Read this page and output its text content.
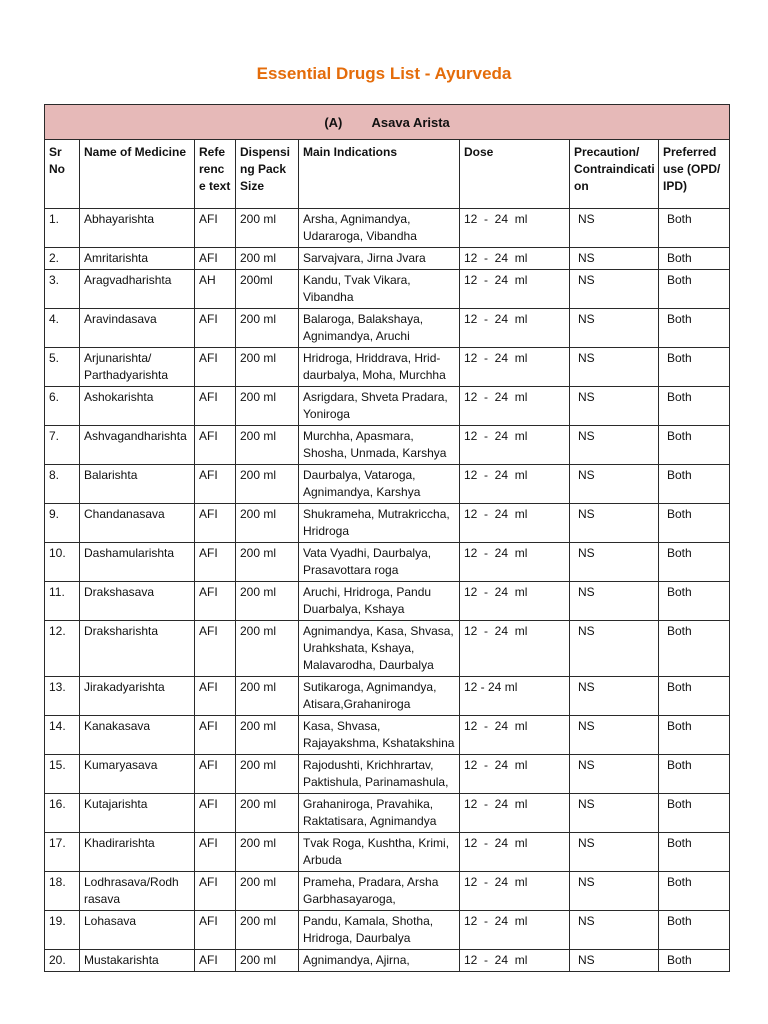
Essential Drugs List - Ayurveda
(A) Asava Arista							
Sr No	Name of Medicine	Refe renc e text	Dispensi ng Pack Size	Main Indications	Dose	Precaution/ Contraindicati on	Preferred use (OPD/ IPD)
1.	Abhayarishta	AFI	200 ml	Arsha, Agnimandya, Udararoga, Vibandha	12  -  24  ml	NS	Both
2.	Amritarishta	AFI	200 ml	Sarvajvara, Jirna Jvara	12  -  24  ml	NS	Both
3.	Aragvadharishta	AH	200ml	Kandu, Tvak Vikara, Vibandha	12  -  24  ml	NS	Both
4.	Aravindasava	AFI	200 ml	Balaroga, Balakshaya, Agnimandya, Aruchi	12  -  24  ml	NS	Both
5.	Arjunarishta/ Parthadyarishta	AFI	200 ml	Hridroga, Hriddrava, Hrid-daurbalya, Moha, Murchha	12  -  24  ml	NS	Both
6.	Ashokarishta	AFI	200 ml	Asrigdara, Shveta Pradara, Yoniroga	12  -  24  ml	NS	Both
7.	Ashvagandharishta	AFI	200 ml	Murchha, Apasmara, Shosha, Unmada, Karshya	12  -  24  ml	NS	Both
8.	Balarishta	AFI	200 ml	Daurbalya, Vataroga, Agnimandya, Karshya	12  -  24  ml	NS	Both
9.	Chandanasava	AFI	200 ml	Shukrameha, Mutrakriccha, Hridroga	12  -  24  ml	NS	Both
10.	Dashamularishta	AFI	200 ml	Vata Vyadhi, Daurbalya, Prasavottara roga	12  -  24  ml	NS	Both
11.	Drakshasava	AFI	200 ml	Aruchi, Hridroga, Pandu Duarbalya, Kshaya	12  -  24  ml	NS	Both
12.	Draksharishta	AFI	200 ml	Agnimandya, Kasa, Shvasa, Urahkshata, Kshaya, Malavarodha, Daurbalya	12  -  24  ml	NS	Both
13.	Jirakadyarishta	AFI	200 ml	Sutikaroga, Agnimandya, Atisara,Grahaniroga	12 - 24 ml	NS	Both
14.	Kanakasava	AFI	200 ml	Kasa, Shvasa, Rajayakshma, Kshatakshina	12  -  24  ml	NS	Both
15.	Kumaryasava	AFI	200 ml	Rajodushti, Krichhrartav, Paktishula, Parinamashula,	12  -  24  ml	NS	Both
16.	Kutajarishta	AFI	200 ml	Grahaniroga, Pravahika, Raktatisara, Agnimandya	12  -  24  ml	NS	Both
17.	Khadirarishta	AFI	200 ml	Tvak Roga, Kushtha, Krimi, Arbuda	12  -  24  ml	NS	Both
18.	Lodhrasava/Rodh rasava	AFI	200 ml	Prameha, Pradara, Arsha Garbhasayaroga,	12  -  24  ml	NS	Both
19.	Lohasava	AFI	200 ml	Pandu, Kamala, Shotha, Hridroga, Daurbalya	12  -  24  ml	NS	Both
20.	Mustakarishta	AFI	200 ml	Agnimandya, Ajirna,	12  -  24  ml	NS	Both
